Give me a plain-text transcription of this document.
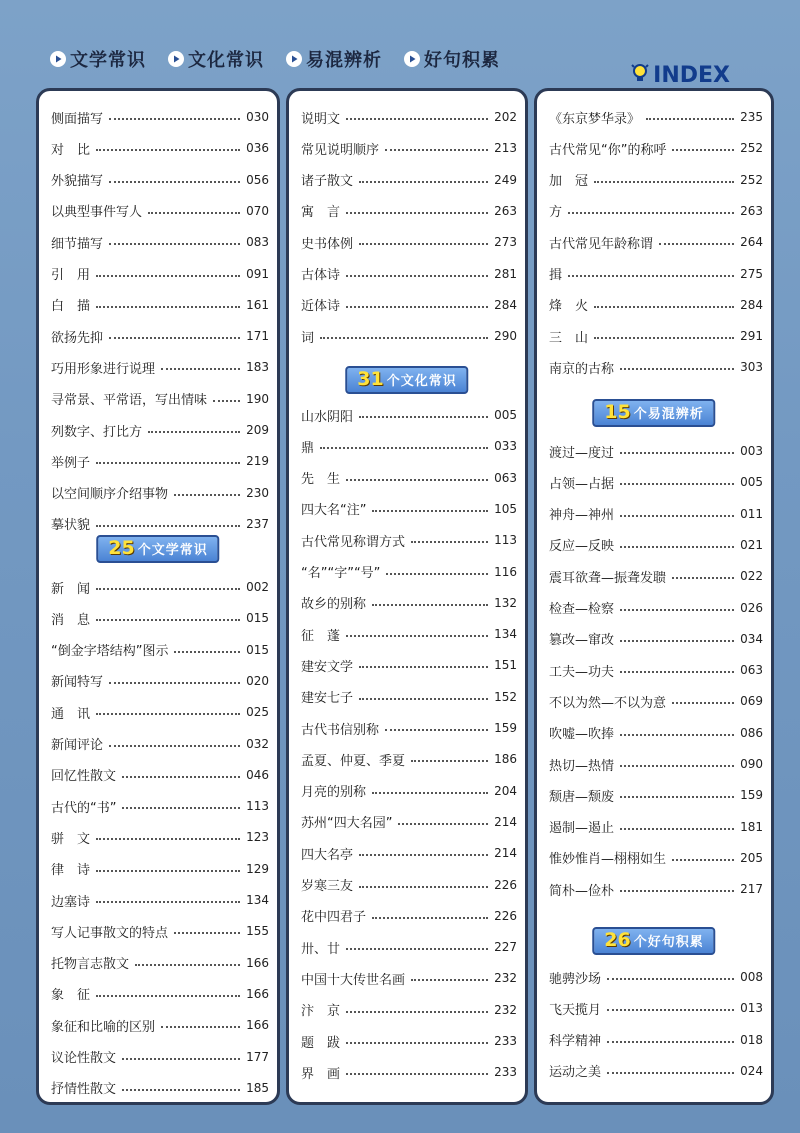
文学常识 文化常识 易混辨析 好句积累
INDEX
侧面描写	030
对　比	036
外貌描写	056
以典型事件写人	070
细节描写	083
引　用	091
白　描	161
欲扬先抑	171
巧用形象进行说理	183
寻常景、平常语，写出情味	190
列数字、打比方	209
举例子	219
以空间顺序介绍事物	230
摹状貌	237
25 个文学常识
新　闻	002
消　息	015
“倒金字塔结构”图示	015
新闻特写	020
通　讯	025
新闻评论	032
回忆性散文	046
古代的“书”	113
骈　文	123
律　诗	129
边塞诗	134
写人记事散文的特点	155
托物言志散文	166
象　征	166
象征和比喻的区别	166
议论性散文	177
抒情性散文	185
说明文	202
常见说明顺序	213
诸子散文	249
寓　言	263
史书体例	273
古体诗	281
近体诗	284
词	290
31 个文化常识
山水阴阳	005
鼎	033
先　生	063
四大名“注”	105
古代常见称谓方式	113
“名”“字”“号”	116
故乡的别称	132
征　蓬	134
建安文学	151
建安七子	152
古代书信别称	159
孟夏、仲夏、季夏	186
月亮的别称	204
苏州“四大名园”	214
四大名亭	214
岁寒三友	226
花中四君子	226
卅、廿	227
中国十大传世名画	232
汴　京	232
题　跋	233
界　画	233
《东京梦华录》	235
古代常见“你”的称呼	252
加　冠	252
方	263
古代常见年龄称谓	264
揖	275
烽　火	284
三　山	291
南京的古称	303
15 个易混辨析
渡过—度过	003
占领—占据	005
神舟—神州	011
反应—反映	021
震耳欲聋—振聋发聩	022
检查—检察	026
篡改—窜改	034
工夫—功夫	063
不以为然—不以为意	069
吹嘘—吹捧	086
热切—热情	090
颓唐—颓废	159
遏制—遏止	181
惟妙惟肖—栩栩如生	205
简朴—俭朴	217
26 个好句积累
驰骋沙场	008
飞天揽月	013
科学精神	018
运动之美	024
